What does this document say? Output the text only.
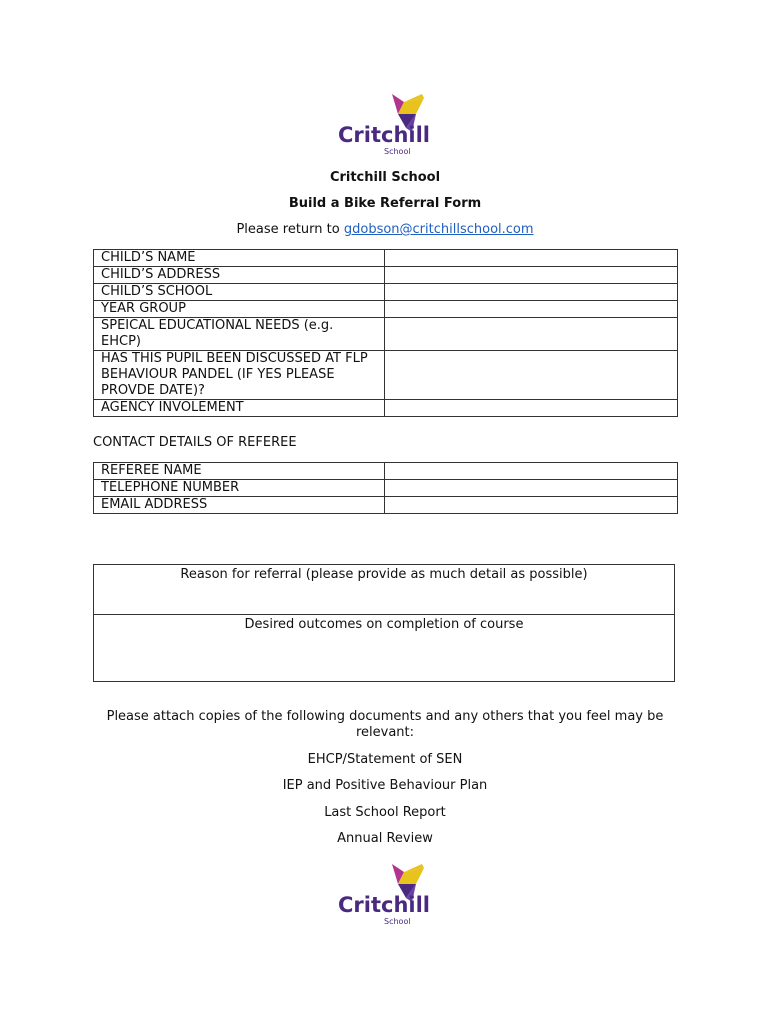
Critchill
School
Critchill School
Build a Bike Referral Form
Please return to gdobson@critchillschool.com
CHILD’S NAME	
CHILD’S ADDRESS	
CHILD’S SCHOOL	
YEAR GROUP	
SPEICAL EDUCATIONAL NEEDS (e.g. EHCP)	
HAS THIS PUPIL BEEN DISCUSSED AT FLP BEHAVIOUR PANDEL (IF YES PLEASE PROVDE DATE)?	
AGENCY INVOLEMENT	
CONTACT DETAILS OF REFEREE
REFEREE NAME	
TELEPHONE NUMBER	
EMAIL ADDRESS	
Reason for referral (please provide as much detail as possible)
Desired outcomes on completion of course
Please attach copies of the following documents and any others that you feel may be relevant:
EHCP/Statement of SEN
IEP and Positive Behaviour Plan
Last School Report
Annual Review
Critchill
School
